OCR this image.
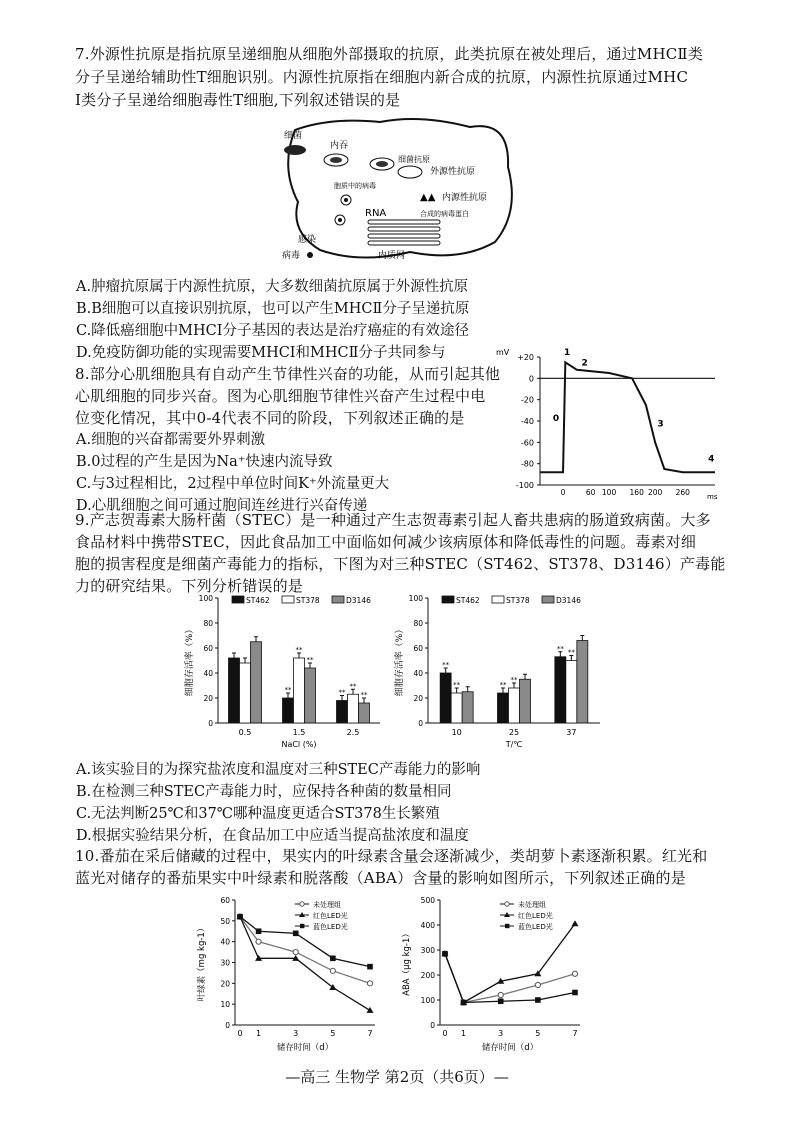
7.外源性抗原是指抗原呈递细胞从细胞外部摄取的抗原，此类抗原在被处理后，通过MHCⅡ类
分子呈递给辅助性T细胞识别。内源性抗原指在细胞内新合成的抗原，内源性抗原通过MHC
Ⅰ类分子呈递给细胞毒性T细胞,下列叙述错误的是
细菌
内吞
细菌抗原
外源性抗原
▲▲ 内源性抗原
胞质中的病毒
RNA	合成的病毒蛋白
内质网
感染
病毒
A.肿瘤抗原属于内源性抗原，大多数细菌抗原属于外源性抗原
B.B细胞可以直接识别抗原，也可以产生MHCⅡ分子呈递抗原
C.降低癌细胞中MHCⅠ分子基因的表达是治疗癌症的有效途径
D.免疫防御功能的实现需要MHCⅠ和MHCⅡ分子共同参与
8.部分心肌细胞具有自动产生节律性兴奋的功能，从而引起其他
心肌细胞的同步兴奋。图为心肌细胞节律性兴奋产生过程中电
位变化情况，其中0-4代表不同的阶段，下列叙述正确的是
A.细胞的兴奋都需要外界刺激
B.0过程的产生是因为Na⁺快速内流导致
C.与3过程相比，2过程中单位时间K⁺外流量更大
D.心肌细胞之间可通过胞间连丝进行兴奋传递
mV
+20
0
-20
-40
-60
-80
-100
0	60 100 160 200 260 ms
0
1
2
3
4
9.产志贺毒素大肠杆菌（STEC）是一种通过产生志贺毒素引起人畜共患病的肠道致病菌。大多
食品材料中携带STEC，因此食品加工中面临如何减少该病原体和降低毒性的问题。毒素对细
胞的损害程度是细菌产毒能力的指标，下图为对三种STEC（ST462、ST378、D3146）产毒能
力的研究结果。下列分析错误的是
0
20
40
60
80
100
细胞存活率（%）
0.5	1.5
**
**
**
2.5
**
**
**
NaCl (%)
ST462	ST378	D3146
0
20
40
60
80
100
细胞存活率（%）
10
**
**
25
**
**
37
** **
T/℃
ST462	ST378	D3146
A.该实验目的为探究盐浓度和温度对三种STEC产毒能力的影响
B.在检测三种STEC产毒能力时，应保持各种菌的数量相同
C.无法判断25℃和37℃哪种温度更适合ST378生长繁殖
D.根据实验结果分析，在食品加工中应适当提高盐浓度和温度
10.番茄在采后储藏的过程中，果实内的叶绿素含量会逐渐减少，类胡萝卜素逐渐积累。红光和
蓝光对储存的番茄果实中叶绿素和脱落酸（ABA）含量的影响如图所示，下列叙述正确的是
0
10
20
30
40
50
60
0 1	3	5	7
储存时间（d）
叶绿素（mg kg-1）
未处理组
红色LED光
蓝色LED光
0
100
200
300
400
500
0 1	3	5	7
储存时间（d）
ABA（µg kg-1）
未处理组
红色LED光
蓝色LED光
—高三 生物学 第2页（共6页）—
